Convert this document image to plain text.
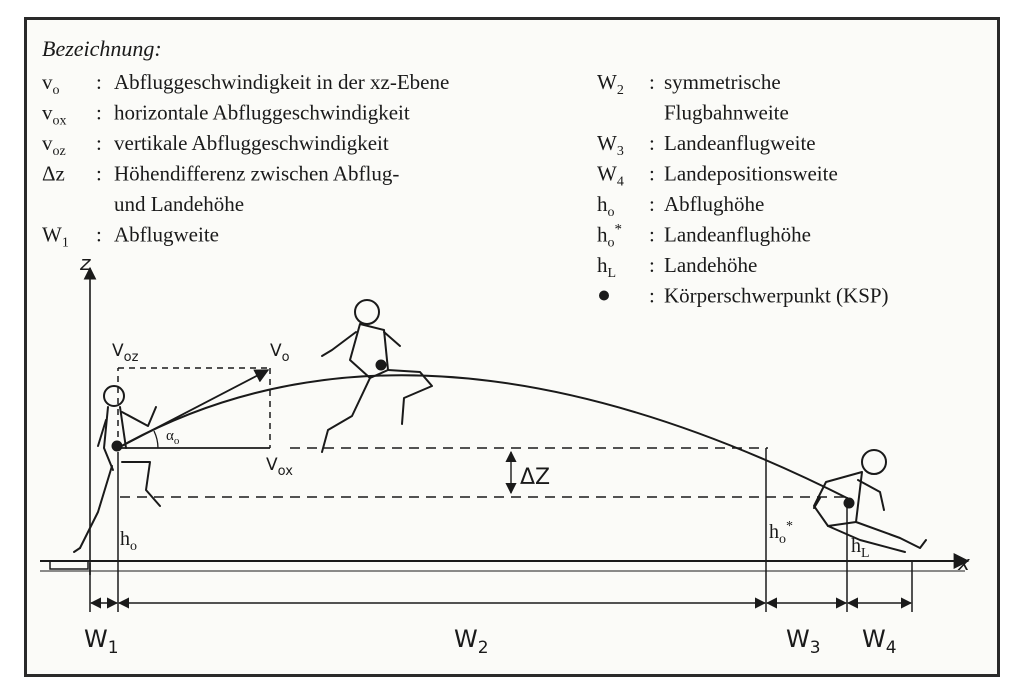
Bezeichnung:
$v_o$ : Abfluggeschwindigkeit in der xz-Ebene
$v_{ox}$ : horizontale Abfluggeschwindigkeit
$v_{oz}$ : vertikale Abfluggeschwindigkeit
Δz : Höhendifferenz zwischen Abflug-
und Landehöhe
$W_1$ : Abflugweite
$W_2$ : symmetrische
Flugbahnweite
$W_3$ : Landeanflugweite
$W_4$ : Landepositionsweite
$h_o$ : Abflughöhe
$h_o^*$ : Landeanflughöhe
$h_L$ : Landehöhe
: Körperschwerpunkt (KSP)
z
x
$V_{oz}$	$V_o$
$V_{ox}$
$\alpha_o$
ΔZ
$h_o$
$h_o^*$
$h_L$
$W_1$	$W_2$	$W_3$ $W_4$
